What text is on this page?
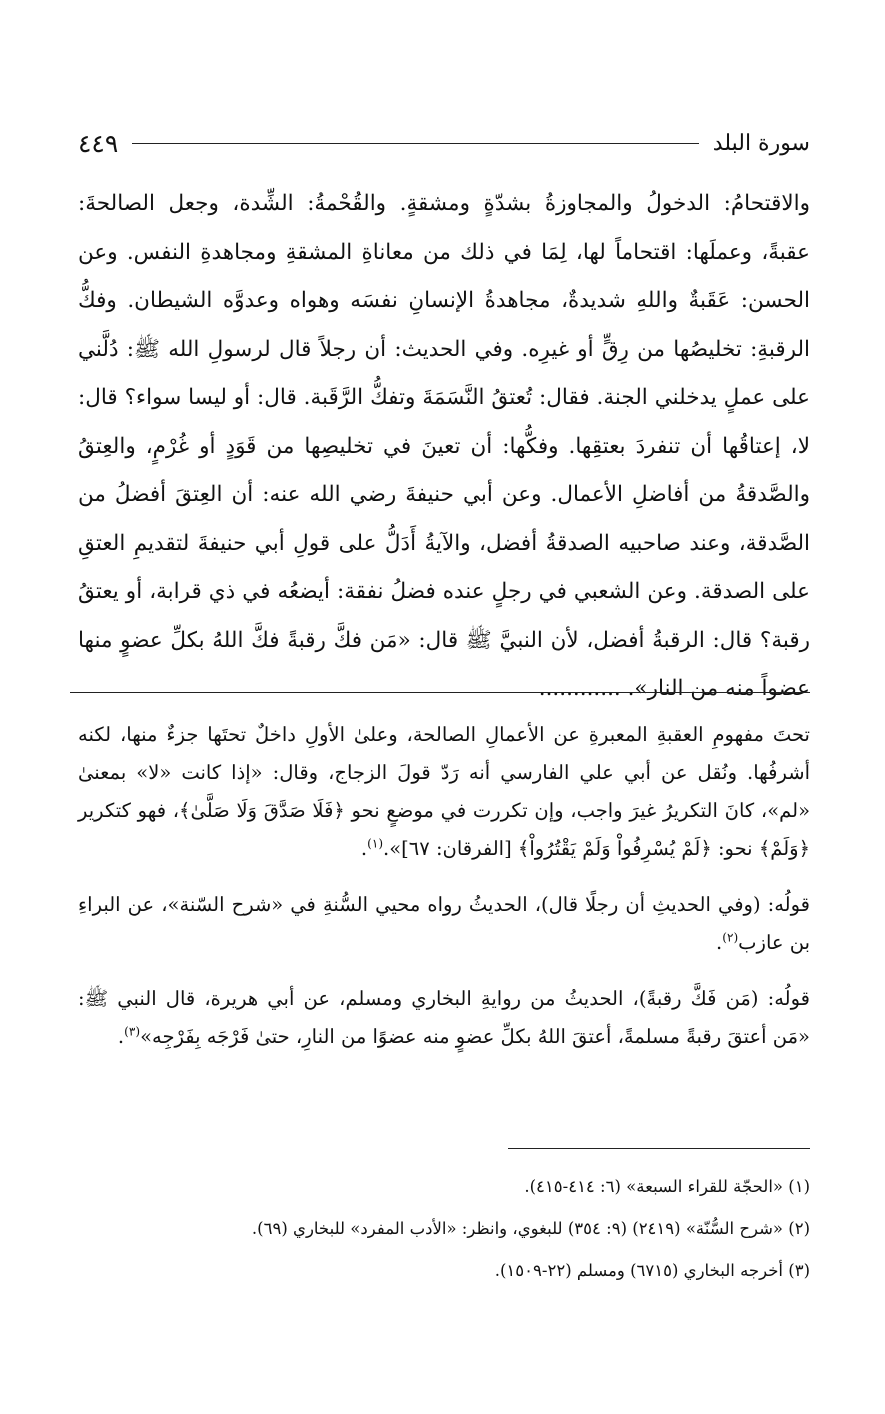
سورة البلد
٤٤٩

والاقتحامُ: الدخولُ والمجاوزةُ بشدّةٍ ومشقةٍ. والقُحْمةُ: الشِّدة، وجعل الصالحةَ: عقبةً، وعملَها: اقتحاماً لها، لِمَا في ذلك من معاناةِ المشقةِ ومجاهدةِ النفس. وعن الحسن: عَقَبةٌ واللهِ شديدةٌ، مجاهدةُ الإنسانِ نفسَه وهواه وعدوَّه الشيطان. وفكُّ الرقبةِ: تخليصُها من رِقٍّ أو غيرِه. وفي الحديث: أن رجلاً قال لرسولِ الله ﷺ: دُلَّني على عملٍ يدخلني الجنة. فقال: تُعتقُ النَّسَمَةَ وتفكُّ الرَّقَبة. قال: أو ليسا سواء؟ قال: لا، إعتاقُها أن تنفردَ بعتقِها. وفكُّها: أن تعينَ في تخليصِها من قَوَدٍ أو غُرْمٍ، والعِتقُ والصَّدقةُ من أفاضلِ الأعمال. وعن أبي حنيفةَ رضي الله عنه: أن العِتقَ أفضلُ من الصَّدقة، وعند صاحبيه الصدقةُ أفضل، والآيةُ أَدَلُّ على قولِ أبي حنيفةَ لتقديمِ العتقِ على الصدقة. وعن الشعبي في رجلٍ عنده فضلُ نفقة: أيضعُه في ذي قرابة، أو يعتقُ رقبة؟ قال: الرقبةُ أفضل، لأن النبيَّ ﷺ قال: «مَن فكَّ رقبةً فكَّ اللهُ بكلِّ عضوٍ منها عضواً منه من النار». ............

تحتَ مفهومِ العقبةِ المعبرةِ عن الأعمالِ الصالحة، وعلىٰ الأولِ داخلٌ تحتَها جزءٌ منها، لكنه أشرفُها. ونُقل عن أبي علي الفارسي أنه رَدّ قولَ الزجاج، وقال: «إذا كانت «لا» بمعنىٰ «لم»، كانَ التكريرُ غيرَ واجب، وإن تكررت في موضعٍ نحو ﴿فَلَا صَدَّقَ وَلَا صَلَّىٰ﴾، فهو كتكرير ﴿وَلَمْ﴾ نحو: ﴿لَمْ يُسْرِفُواْ وَلَمْ يَقْتُرُواْ﴾ [الفرقان: ٦٧]».$^{(١)}$.

قولُه: (وفي الحديثِ أن رجلًا قال)، الحديثُ رواه محيي السُّنةِ في «شرح السّنة»، عن البراءِ بن عازب$^{(٢)}$.

قولُه: (مَن فَكَّ رقبةً)، الحديثُ من روايةِ البخاري ومسلم، عن أبي هريرة، قال النبي ﷺ: «مَن أعتقَ رقبةً مسلمةً، أعتقَ اللهُ بكلِّ عضوٍ منه عضوًا من النارِ، حتىٰ فَرْجَه بِفَرْجِه»$^{(٣)}$.

(١) «الحجّة للقراء السبعة» (٦: ٤١٤-٤١٥).

(٢) «شرح السُّنّة» (٢٤١٩) (٩: ٣٥٤) للبغوي، وانظر: «الأدب المفرد» للبخاري (٦٩).

(٣) أخرجه البخاري (٦٧١٥) ومسلم (٢٢-١٥٠٩).
